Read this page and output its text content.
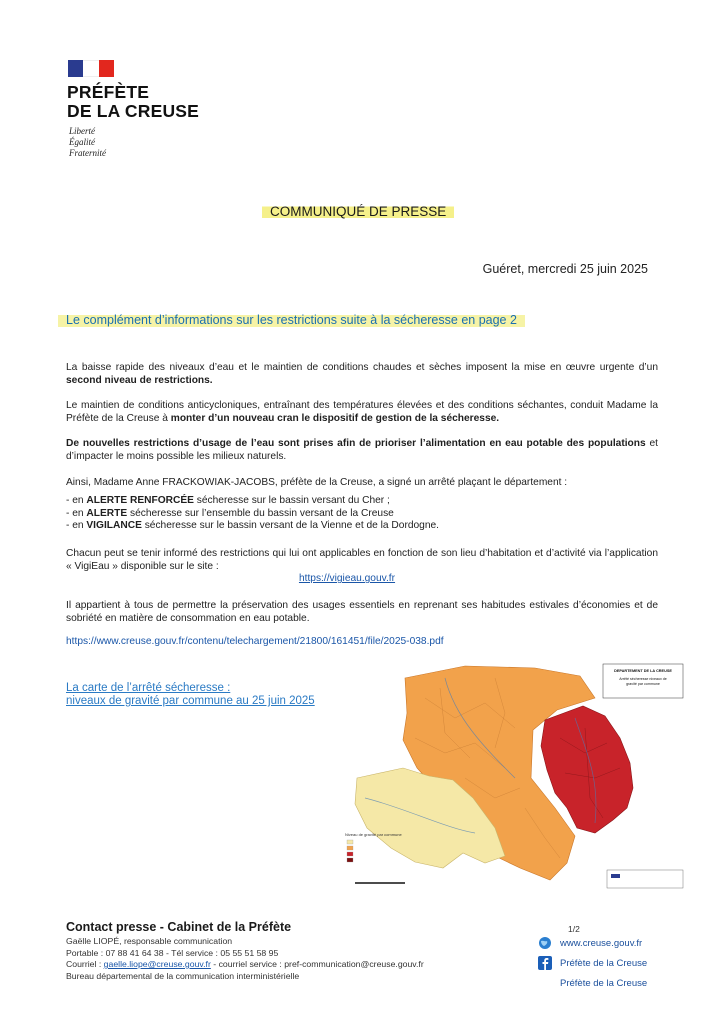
PRÉFÈTE
DE LA CREUSE
Liberté
Égalité
Fraternité
COMMUNIQUÉ DE PRESSE
Guéret, mercredi 25 juin 2025
Le complément d’informations sur les restrictions suite à la sécheresse en page 2

La baisse rapide des niveaux d’eau et le maintien de conditions chaudes et sèches imposent la mise en œuvre urgente d’un second niveau de restrictions.

Le maintien de conditions anticycloniques, entraînant des températures élevées et des conditions séchantes, conduit Madame la Préfète de la Creuse à monter d’un nouveau cran le dispositif de gestion de la sécheresse.

De nouvelles restrictions d’usage de l’eau sont prises afin de prioriser l’alimentation en eau potable des populations et d’impacter le moins possible les milieux naturels.

Ainsi, Madame Anne FRACKOWIAK-JACOBS, préfète de la Creuse, a signé un arrêté plaçant le département :

- en ALERTE RENFORCÉE sécheresse sur le bassin versant du Cher ;

- en ALERTE sécheresse sur l’ensemble du bassin versant de la Creuse

- en VIGILANCE sécheresse sur le bassin versant de la Vienne et de la Dordogne.

Chacun peut se tenir informé des restrictions qui lui ont applicables en fonction de son lieu d’habitation et d’activité via l’application « VigiEau » disponible sur le site :

https://vigieau.gouv.fr

Il appartient à tous de permettre la préservation des usages essentiels en reprenant ses habitudes estivales d’économies et de sobriété en matière de consommation en eau potable.

https://www.creuse.gouv.fr/contenu/telechargement/21800/161451/file/2025-038.pdf
La carte de l’arrêté sécheresse :
niveaux de gravité par commune au 25 juin 2025
Niveau de gravité par commune
DEPARTEMENT DE LA CREUSE
Arrêté sécheresse niveaux de
gravité par commune
Contact presse - Cabinet de la Préfète
Gaëlle LIOPÉ, responsable communication
Portable : 07 88 41 64 38 - Tél service : 05 55 51 58 95
Courriel : gaelle.liope@creuse.gouv.fr - courriel service : pref-communication@creuse.gouv.fr
Bureau départemental de la communication interministérielle
1/2
www.creuse.gouv.fr
Préfète de la Creuse
Préfète de la Creuse
